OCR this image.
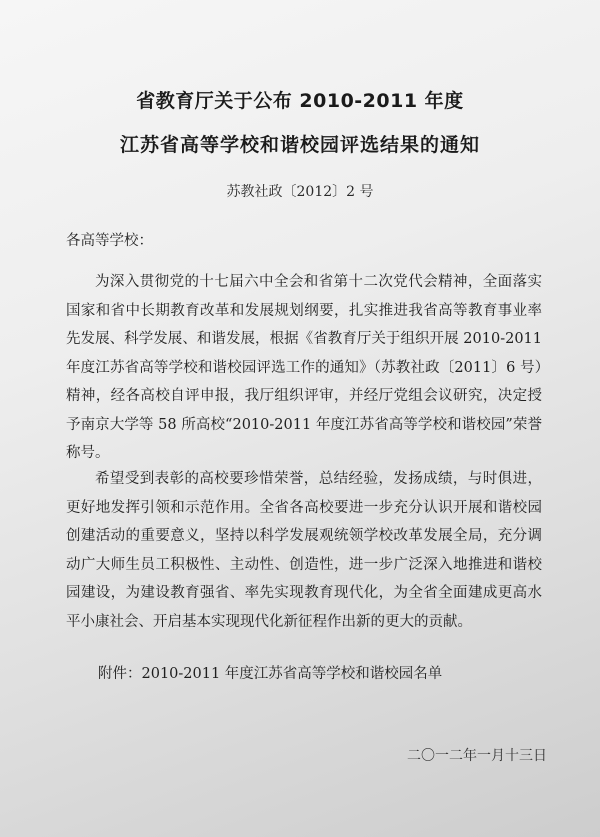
省教育厅关于公布 2010-2011 年度
江苏省高等学校和谐校园评选结果的通知
苏教社政〔2012〕2 号
各高等学校：

为深入贯彻党的十七届六中全会和省第十二次党代会精神，全面落实国家和省中长期教育改革和发展规划纲要，扎实推进我省高等教育事业率先发展、科学发展、和谐发展，根据《省教育厅关于组织开展 2010-2011 年度江苏省高等学校和谐校园评选工作的通知》（苏教社政〔2011〕6 号）精神，经各高校自评申报，我厅组织评审，并经厅党组会议研究，决定授予南京大学等 58 所高校“2010-2011 年度江苏省高等学校和谐校园”荣誉称号。

希望受到表彰的高校要珍惜荣誉，总结经验，发扬成绩，与时俱进，更好地发挥引领和示范作用。全省各高校要进一步充分认识开展和谐校园创建活动的重要意义，坚持以科学发展观统领学校改革发展全局，充分调动广大师生员工积极性、主动性、创造性，进一步广泛深入地推进和谐校园建设，为建设教育强省、率先实现教育现代化，为全省全面建成更高水平小康社会、开启基本实现现代化新征程作出新的更大的贡献。

附件：2010-2011 年度江苏省高等学校和谐校园名单
二〇一二年一月十三日
